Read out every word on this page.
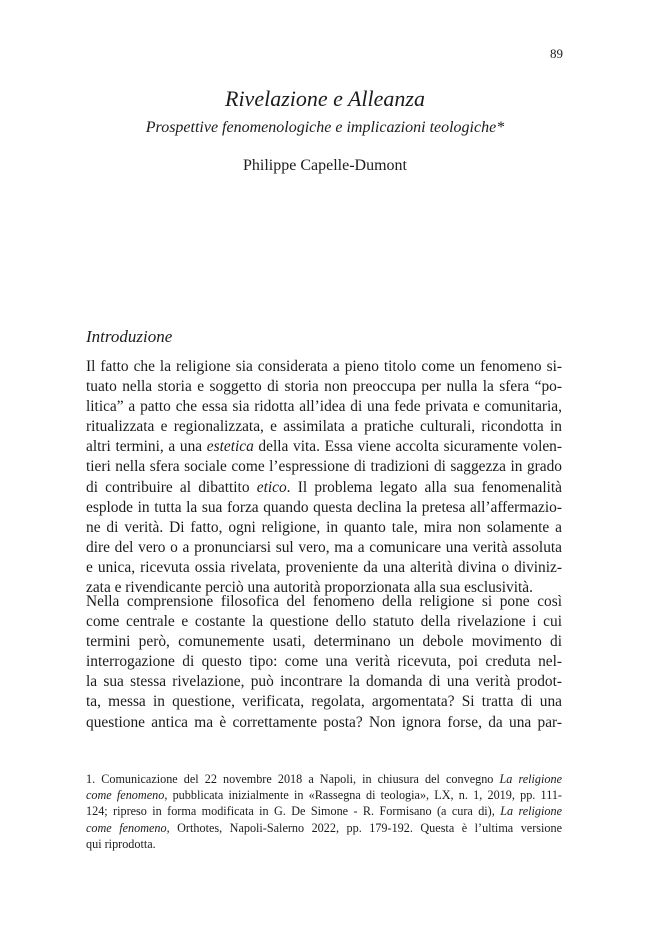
89
Rivelazione e Alleanza
Prospettive fenomenologiche e implicazioni teologiche*
Philippe Capelle-Dumont
Introduzione
Il fatto che la religione sia considerata a pieno titolo come un fenomeno si-
tuato nella storia e soggetto di storia non preoccupa per nulla la sfera “po-
litica” a patto che essa sia ridotta all’idea di una fede privata e comunitaria,
ritualizzata e regionalizzata, e assimilata a pratiche culturali, ricondotta in
altri termini, a una estetica della vita. Essa viene accolta sicuramente volen-
tieri nella sfera sociale come l’espressione di tradizioni di saggezza in grado
di contribuire al dibattito etico. Il problema legato alla sua fenomenalità
esplode in tutta la sua forza quando questa declina la pretesa all’affermazio-
ne di verità. Di fatto, ogni religione, in quanto tale, mira non solamente a
dire del vero o a pronunciarsi sul vero, ma a comunicare una verità assoluta
e unica, ricevuta ossia rivelata, proveniente da una alterità divina o diviniz-
zata e rivendicante perciò una autorità proporzionata alla sua esclusività.
Nella comprensione filosofica del fenomeno della religione si pone così
come centrale e costante la questione dello statuto della rivelazione i cui
termini però, comunemente usati, determinano un debole movimento di
interrogazione di questo tipo: come una verità ricevuta, poi creduta nel-
la sua stessa rivelazione, può incontrare la domanda di una verità prodot-
ta, messa in questione, verificata, regolata, argomentata? Si tratta di una
questione antica ma è correttamente posta? Non ignora forse, da una par-
1. Comunicazione del 22 novembre 2018 a Napoli, in chiusura del convegno La religione
come fenomeno, pubblicata inizialmente in «Rassegna di teologia», LX, n. 1, 2019, pp. 111-
124; ripreso in forma modificata in G. De Simone - R. Formisano (a cura di), La religione
come fenomeno, Orthotes, Napoli-Salerno 2022, pp. 179-192. Questa è l’ultima versione
qui riprodotta.
